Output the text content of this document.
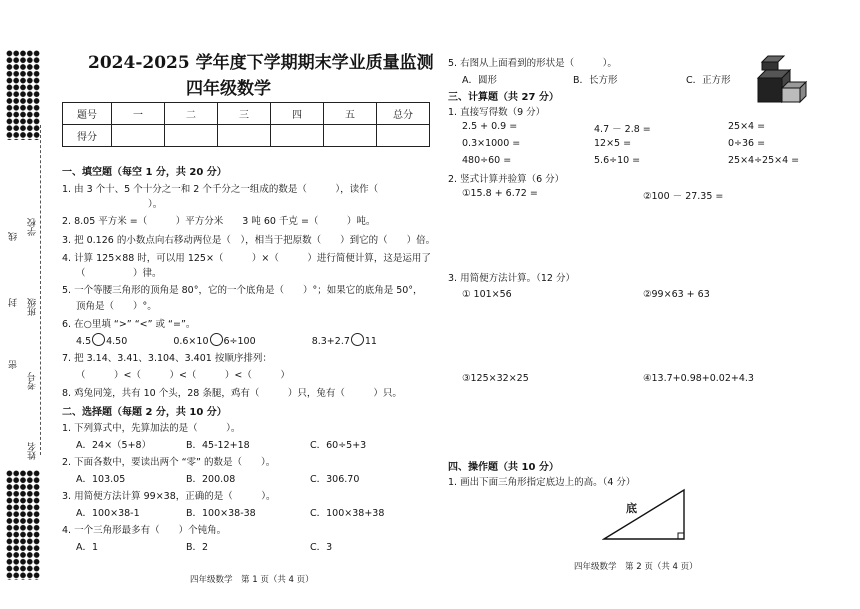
学校
线
班级
封
考号
密
姓名
2024-2025 学年度下学期期末学业质量监测
四年级数学
题号	一	二	三	四	五	总分
得分						
一、填空题（每空 1 分，共 20 分）
1. 由 3 个十、5 个十分之一和 2 个千分之一组成的数是（　　　），读作（
）。
2. 8.05 平方米 =（　　　）平方分米　　3 吨 60 千克 =（　　　）吨。
3. 把 0.126 的小数点向右移动两位是（　），相当于把原数（　　）到它的（　　）倍。
4. 计算 125×88 时，可以用 125×（　　　）×（　　　）进行简便计算，这是运用了
（　　　　　）律。
5. 一个等腰三角形的顶角是 80°，它的一个底角是（　　）°；如果它的底角是 50°，
顶角是（　　）°。
6. 在○里填 “>” “<” 或 “=”。
4.5 4.50	0.6×10 6÷100	8.3+2.7 11
7. 把 3.14、3.41、3.104、3.401 按顺序排列：
（　　　）<（　　　）<（　　　）<（　　　）
8. 鸡兔同笼，共有 10 个头，28 条腿，鸡有（　　　）只，兔有（　　　）只。
二、选择题（每题 2 分，共 10 分）
1. 下列算式中，先算加法的是（　　　）。
A．24×（5+8）	B．45-12+18	C．60÷5+3
2. 下面各数中，要读出两个 “零” 的数是（　　）。
A．103.05	B．200.08	C．306.70
3. 用简便方法计算 99×38，正确的是（　　　）。
A．100×38-1	B．100×38-38	C．100×38+38
4. 一个三角形最多有（　　）个钝角。
A．1	B．2	C．3
四年级数学　第 1 页（共 4 页）
5. 右图从上面看到的形状是（　　　）。
A．圆形	B．长方形	C．正方形
三、计算题（共 27 分）
1. 直接写得数（9 分）
2.5 + 0.9 =	4.7 － 2.8 =	25×4 =
0.3×1000 =	12×5 =	0÷36 =
480÷60 =	5.6÷10 =	25×4÷25×4 =
2. 竖式计算并验算（6 分）
①15.8 + 6.72 =	②100 － 27.35 =
3. 用简便方法计算。（12 分）
① 101×56	②99×63 + 63
③125×32×25	④13.7+0.98+0.02+4.3
四、操作题（共 10 分）
1. 画出下面三角形指定底边上的高。（4 分）
底
四年级数学　第 2 页（共 4 页）
